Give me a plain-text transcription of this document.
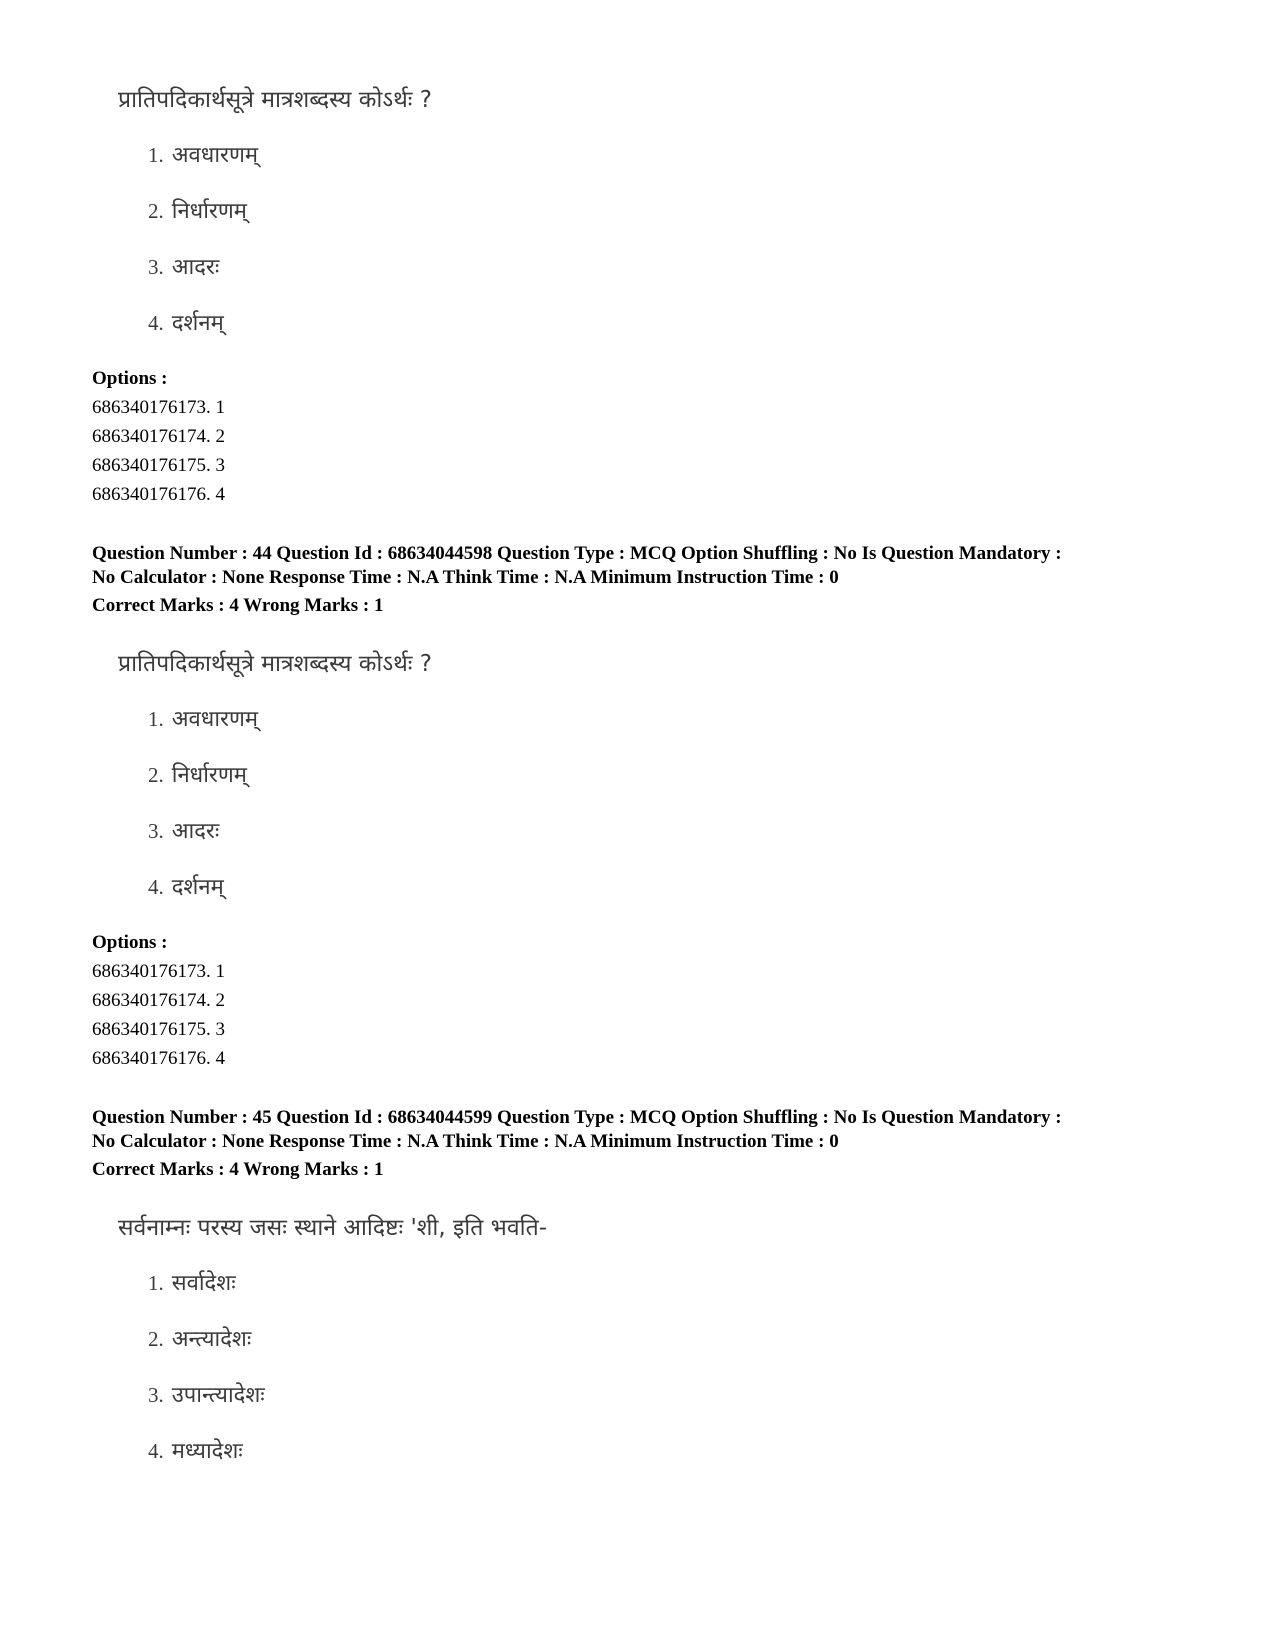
प्रातिपदिकार्थसूत्रे मात्रशब्दस्य कोऽर्थः ?
1. अवधारणम्
2. निर्धारणम्
3. आदरः
4. दर्शनम्
Options :
686340176173. 1
686340176174. 2
686340176175. 3
686340176176. 4
Question Number : 44 Question Id : 68634044598 Question Type : MCQ Option Shuffling : No Is Question Mandatory :
No Calculator : None Response Time : N.A Think Time : N.A Minimum Instruction Time : 0
Correct Marks : 4 Wrong Marks : 1
प्रातिपदिकार्थसूत्रे मात्रशब्दस्य कोऽर्थः ?
1. अवधारणम्
2. निर्धारणम्
3. आदरः
4. दर्शनम्
Options :
686340176173. 1
686340176174. 2
686340176175. 3
686340176176. 4
Question Number : 45 Question Id : 68634044599 Question Type : MCQ Option Shuffling : No Is Question Mandatory :
No Calculator : None Response Time : N.A Think Time : N.A Minimum Instruction Time : 0
Correct Marks : 4 Wrong Marks : 1
सर्वनाम्नः परस्य जसः स्थाने आदिष्टः 'शी, इति भवति-
1. सर्वादेशः
2. अन्त्यादेशः
3. उपान्त्यादेशः
4. मध्यादेशः
